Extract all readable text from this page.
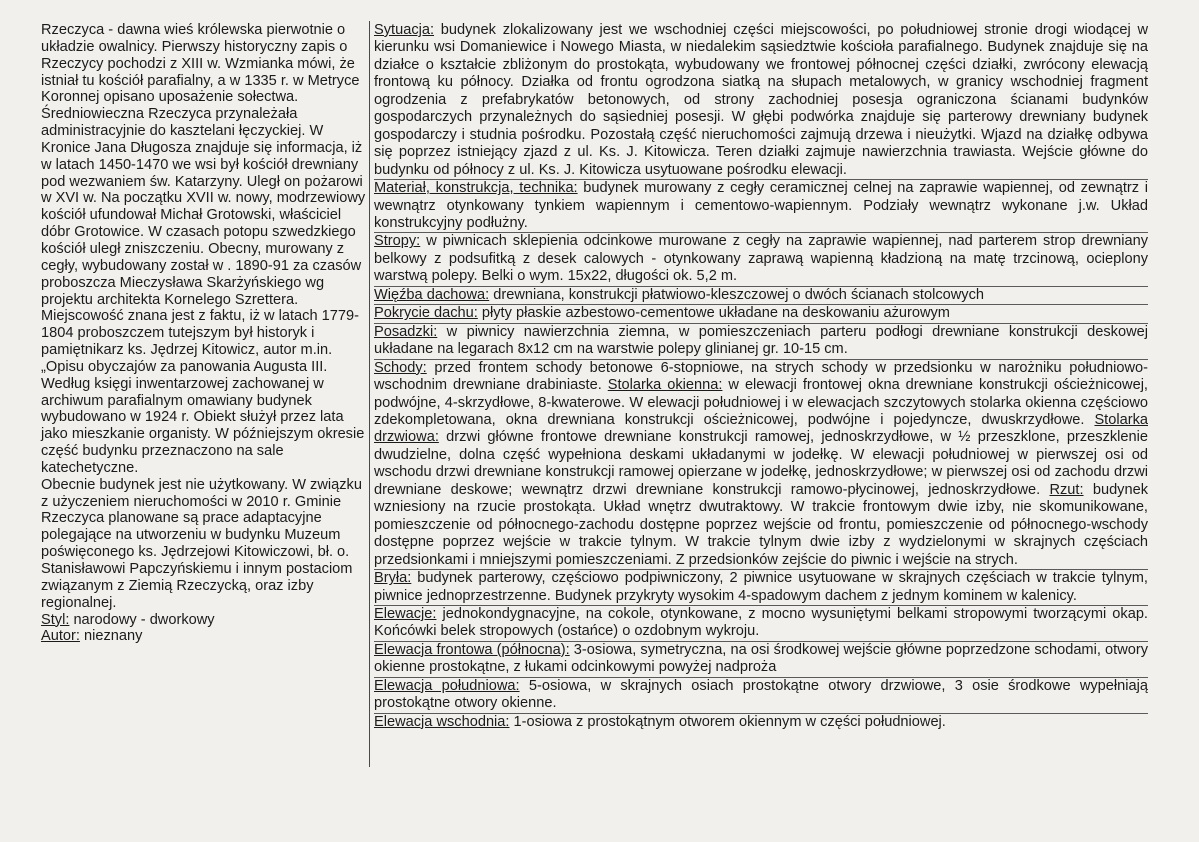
Rzeczyca - dawna wieś królewska pierwotnie o układzie owalnicy. Pierwszy historyczny zapis o Rzeczycy pochodzi z XIII w. Wzmianka mówi, że istniał tu kościół parafialny, a w 1335 r. w Metryce Koronnej opisano uposażenie sołectwa. Średniowieczna Rzeczyca przynależała administracyjnie do kasztelani łęczyckiej. W Kronice Jana Długosza znajduje się informacja, iż w latach 1450-1470 we wsi był kościół drewniany pod wezwaniem św. Katarzyny. Uległ on pożarowi w XVI w. Na początku XVII w. nowy, modrzewiowy kościół ufundował Michał Grotowski, właściciel dóbr Grotowice. W czasach potopu szwedzkiego kościół uległ zniszczeniu. Obecny, murowany z cegły, wybudowany został w . 1890-91 za czasów proboszcza Mieczysława Skarżyńskiego wg projektu architekta Kornelego Szrettera. Miejscowość znana jest z faktu, iż w latach 1779-1804 proboszczem tutejszym był historyk i pamiętnikarz ks. Jędrzej Kitowicz, autor m.in. „Opisu obyczajów za panowania Augusta III.

Według księgi inwentarzowej zachowanej w archiwum parafialnym omawiany budynek wybudowano w 1924 r. Obiekt służył przez lata jako mieszkanie organisty. W późniejszym okresie część budynku przeznaczono na sale katechetyczne.

Obecnie budynek jest nie użytkowany. W związku z użyczeniem nieruchomości w 2010 r. Gminie Rzeczyca planowane są prace adaptacyjne polegające na utworzeniu w budynku Muzeum poświęconego ks. Jędrzejowi Kitowiczowi, bł. o. Stanisławowi Papczyńskiemu i innym postaciom związanym z Ziemią Rzeczycką, oraz izby regionalnej.

Styl: narodowy - dworkowy

Autor: nieznany

Sytuacja: budynek zlokalizowany jest we wschodniej części miejscowości, po południowej stronie drogi wiodącej w kierunku wsi Domaniewice i Nowego Miasta, w niedalekim sąsiedztwie kościoła parafialnego. Budynek znajduje się na działce o kształcie zbliżonym do prostokąta, wybudowany we frontowej północnej części działki, zwrócony elewacją frontową ku północy. Działka od frontu ogrodzona siatką na słupach metalowych, w granicy wschodniej fragment ogrodzenia z prefabrykatów betonowych, od strony zachodniej posesja ograniczona ścianami budynków gospodarczych przynależnych do sąsiedniej posesji. W głębi podwórka znajduje się parterowy drewniany budynek gospodarczy i studnia pośrodku. Pozostałą część nieruchomości zajmują drzewa i nieużytki. Wjazd na działkę odbywa się poprzez istniejący zjazd z ul. Ks. J. Kitowicza. Teren działki zajmuje nawierzchnia trawiasta. Wejście główne do budynku od północy z ul. Ks. J. Kitowicza usytuowane pośrodku elewacji.

Materiał, konstrukcja, technika: budynek murowany z cegły ceramicznej celnej na zaprawie wapiennej, od zewnątrz i wewnątrz otynkowany tynkiem wapiennym i cementowo-wapiennym. Podziały wewnątrz wykonane j.w. Układ konstrukcyjny podłużny.

Stropy: w piwnicach sklepienia odcinkowe murowane z cegły na zaprawie wapiennej, nad parterem strop drewniany belkowy z podsufitką z desek calowych - otynkowany zaprawą wapienną kładzioną na matę trzcinową, ocieplony warstwą polepy. Belki o wym. 15x22, długości ok. 5,2 m.

Więźba dachowa: drewniana, konstrukcji płatwiowo-kleszczowej o dwóch ścianach stolcowych

Pokrycie dachu: płyty płaskie azbestowo-cementowe układane na deskowaniu ażurowym

Posadzki: w piwnicy nawierzchnia ziemna, w pomieszczeniach parteru podłogi drewniane konstrukcji deskowej układane na legarach 8x12 cm na warstwie polepy glinianej gr. 10-15 cm.

Schody: przed frontem schody betonowe 6-stopniowe, na strych schody w przedsionku w narożniku południowo-wschodnim drewniane drabiniaste. Stolarka okienna: w elewacji frontowej okna drewniane konstrukcji ościeżnicowej, podwójne, 4-skrzydłowe, 8-kwaterowe. W elewacji południowej i w elewacjach szczytowych stolarka okienna częściowo zdekompletowana, okna drewniana konstrukcji ościeżnicowej, podwójne i pojedyncze, dwuskrzydłowe. Stolarka drzwiowa: drzwi główne frontowe drewniane konstrukcji ramowej, jednoskrzydłowe, w ½ przeszklone, przeszklenie dwudzielne, dolna część wypełniona deskami układanymi w jodełkę. W elewacji południowej w pierwszej osi od wschodu drzwi drewniane konstrukcji ramowej opierzane w jodełkę, jednoskrzydłowe; w pierwszej osi od zachodu drzwi drewniane deskowe; wewnątrz drzwi drewniane konstrukcji ramowo-płycinowej, jednoskrzydłowe. Rzut: budynek wzniesiony na rzucie prostokąta. Układ wnętrz dwutraktowy. W trakcie frontowym dwie izby, nie skomunikowane, pomieszczenie od północnego-zachodu dostępne poprzez wejście od frontu, pomieszczenie od północnego-wschody dostępne poprzez wejście w trakcie tylnym. W trakcie tylnym dwie izby z wydzielonymi w skrajnych częściach przedsionkami i mniejszymi pomieszczeniami. Z przedsionków zejście do piwnic i wejście na strych.

Bryła: budynek parterowy, częściowo podpiwniczony, 2 piwnice usytuowane w skrajnych częściach w trakcie tylnym, piwnice jednoprzestrzenne. Budynek przykryty wysokim 4-spadowym dachem z jednym kominem w kalenicy.

Elewacje: jednokondygnacyjne, na cokole, otynkowane, z mocno wysuniętymi belkami stropowymi tworzącymi okap. Końcówki belek stropowych (ostańce) o ozdobnym wykroju.

Elewacja frontowa (północna): 3-osiowa, symetryczna, na osi środkowej wejście główne poprzedzone schodami, otwory okienne prostokątne, z łukami odcinkowymi powyżej nadproża

Elewacja południowa: 5-osiowa, w skrajnych osiach prostokątne otwory drzwiowe, 3 osie środkowe wypełniają prostokątne otwory okienne.

Elewacja wschodnia: 1-osiowa z prostokątnym otworem okiennym w części południowej.
